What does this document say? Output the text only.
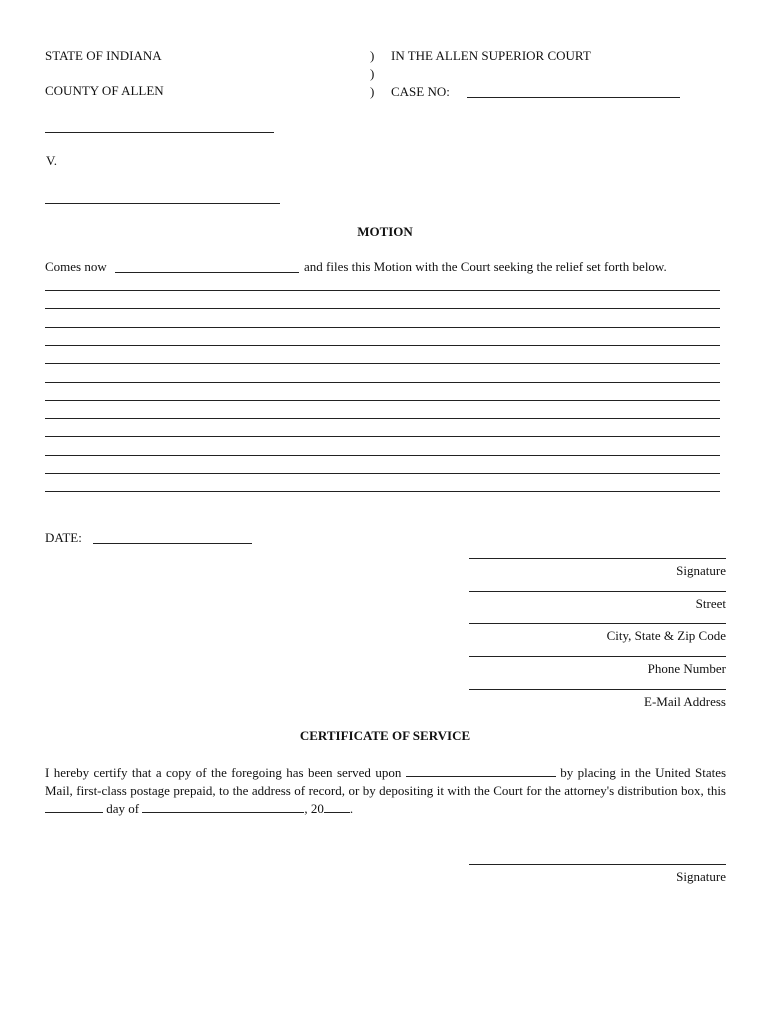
STATE OF INDIANA
COUNTY OF ALLEN
)
)
)
IN THE ALLEN SUPERIOR COURT
CASE NO:
V.
MOTION
Comes now	and files this Motion with the Court seeking the relief set forth below.
DATE:
Signature
Street
City, State & Zip Code
Phone Number
E-Mail Address
CERTIFICATE OF SERVICE
I hereby certify that a copy of the foregoing has been served upon	by placing in the United States Mail, first-class postage prepaid, to the address of record, or by depositing it with the Court for the attorney's distribution box, this  day of	, 20 .
Signature
